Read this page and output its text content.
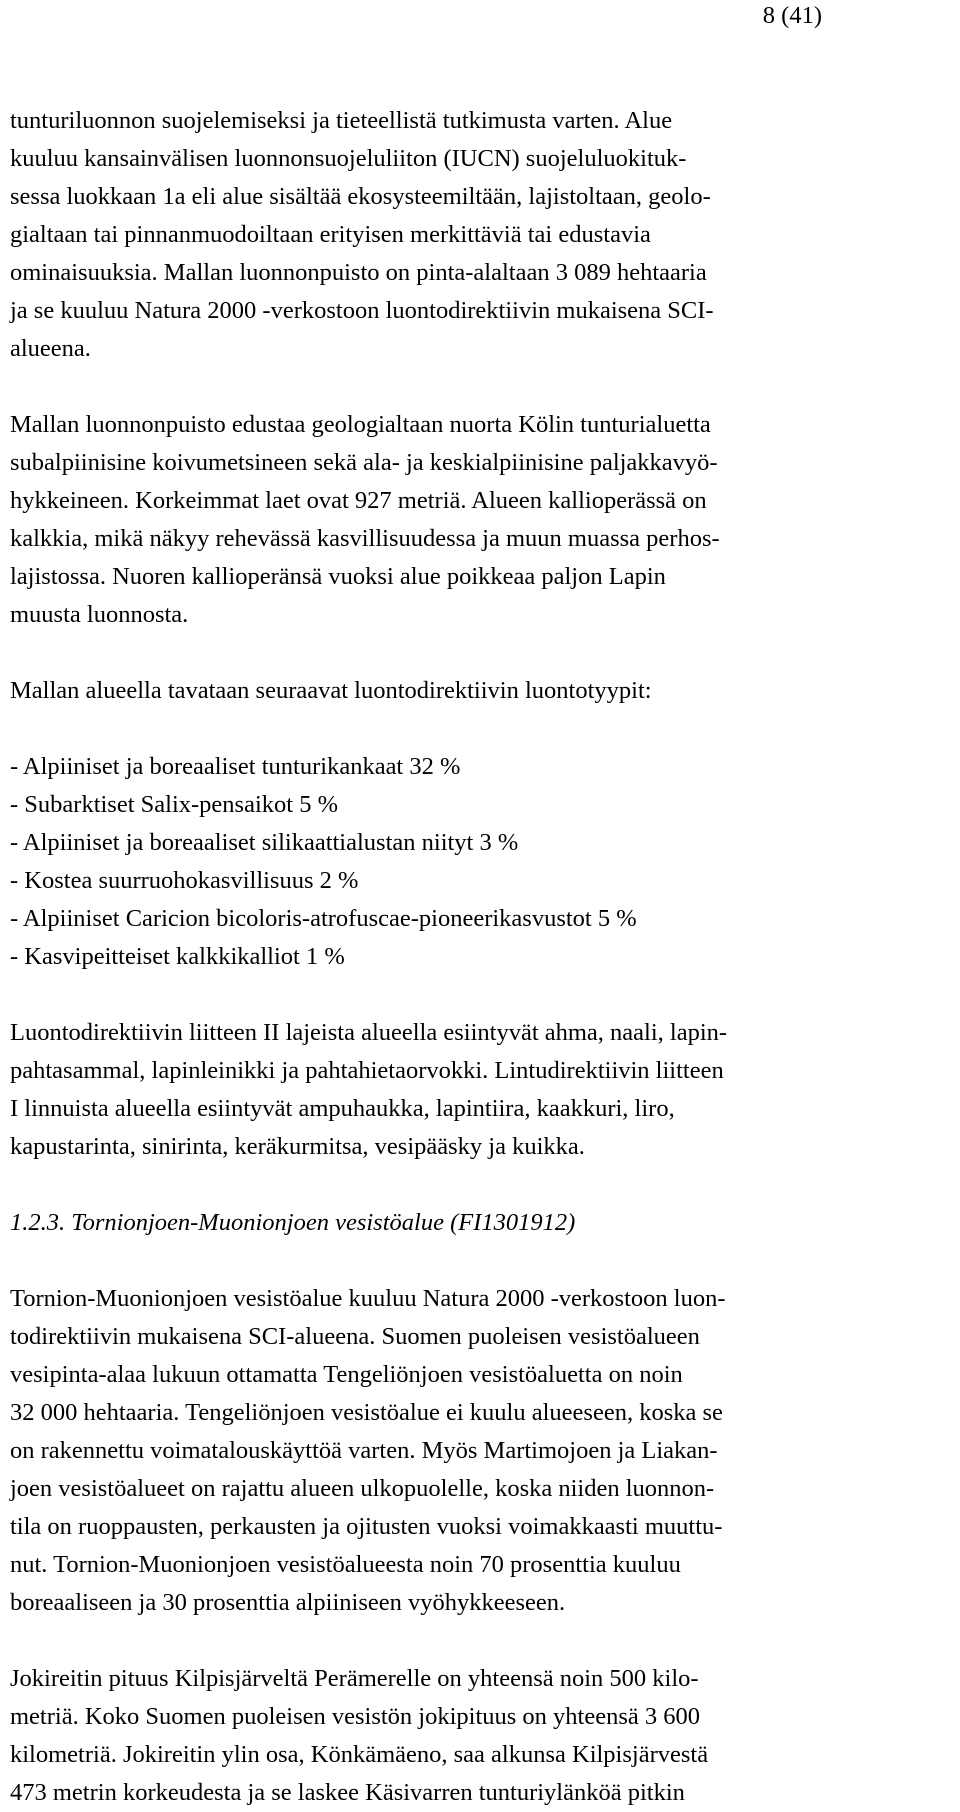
8 (41)
tunturiluonnon suojelemiseksi ja tieteellistä tutkimusta varten. Alue
kuuluu kansainvälisen luonnonsuojeluliiton (IUCN) suojeluluokituk-
sessa luokkaan 1a eli alue sisältää ekosysteemiltään, lajistoltaan, geolo-
gialtaan tai pinnanmuodoiltaan erityisen merkittäviä tai edustavia
ominaisuuksia. Mallan luonnonpuisto on pinta-alaltaan 3 089 hehtaaria
ja se kuuluu Natura 2000 -verkostoon luontodirektiivin mukaisena SCI-
alueena.
Mallan luonnonpuisto edustaa geologialtaan nuorta Kölin tunturialuetta
subalpiinisine koivumetsineen sekä ala- ja keskialpiinisine paljakkavyö-
hykkeineen. Korkeimmat laet ovat 927 metriä. Alueen kallioperässä on
kalkkia, mikä näkyy rehevässä kasvillisuudessa ja muun muassa perhos-
lajistossa. Nuoren kallioperänsä vuoksi alue poikkeaa paljon Lapin
muusta luonnosta.
Mallan alueella tavataan seuraavat luontodirektiivin luontotyypit:
- Alpiiniset ja boreaaliset tunturikankaat 32 %
- Subarktiset Salix-pensaikot 5 %
- Alpiiniset ja boreaaliset silikaattialustan niityt 3 %
- Kostea suurruohokasvillisuus 2 %
- Alpiiniset Caricion bicoloris-atrofuscae-pioneerikasvustot 5 %
- Kasvipeitteiset kalkkikalliot 1 %
Luontodirektiivin liitteen II lajeista alueella esiintyvät ahma, naali, lapin-
pahtasammal, lapinleinikki ja pahtahietaorvokki. Lintudirektiivin liitteen
I linnuista alueella esiintyvät ampuhaukka, lapintiira, kaakkuri, liro,
kapustarinta, sinirinta, keräkurmitsa, vesipääsky ja kuikka.
1.2.3. Tornionjoen-Muonionjoen vesistöalue (FI1301912)
Tornion-Muonionjoen vesistöalue kuuluu Natura 2000 -verkostoon luon-
todirektiivin mukaisena SCI-alueena. Suomen puoleisen vesistöalueen
vesipinta-alaa lukuun ottamatta Tengeliönjoen vesistöaluetta on noin
32 000 hehtaaria. Tengeliönjoen vesistöalue ei kuulu alueeseen, koska se
on rakennettu voimatalouskäyttöä varten. Myös Martimojoen ja Liakan-
joen vesistöalueet on rajattu alueen ulkopuolelle, koska niiden luonnon-
tila on ruoppausten, perkausten ja ojitusten vuoksi voimakkaasti muuttu-
nut. Tornion-Muonionjoen vesistöalueesta noin 70 prosenttia kuuluu
boreaaliseen ja 30 prosenttia alpiiniseen vyöhykkeeseen.
Jokireitin pituus Kilpisjärveltä Perämerelle on yhteensä noin 500 kilo-
metriä. Koko Suomen puoleisen vesistön jokipituus on yhteensä 3 600
kilometriä. Jokireitin ylin osa, Könkämäeno, saa alkunsa Kilpisjärvestä
473 metrin korkeudesta ja se laskee Käsivarren tunturiylänköä pitkin
